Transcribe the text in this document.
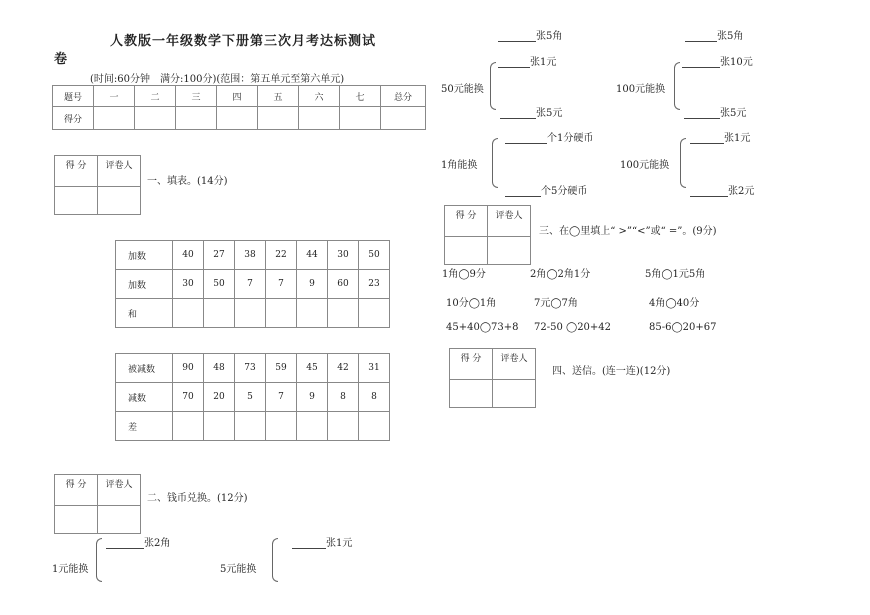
人教版一年级数学下册第三次月考达标测试
卷
(时间:60分钟　满分:100分)(范围：第五单元至第六单元)
题号	一	二	三	四	五	六	七	总分
得分								
得 分	评卷人

一、填表。(14分)
加数	40	27	38	22	44	30	50
加数	30	50	7	7	9	60	23
和							
被减数	90	48	73	59	45	42	31
减数	70	20	5	7	9	8	8
差							
得 分	评卷人

二、钱币兑换。(12分)
张2角
1元能换
张1元
5元能换
张5角	张5角
张1元
50元能换
张5元
张10元
100元能换
张5元
个1分硬币
1角能换
个5分硬币
张1元
100元能换
张2元
得 分	评卷人

三、在◯里填上“ >”“<”或“ =”。(9分)
1角◯9分	2角◯2角1分	5角◯1元5角
10分◯1角	7元◯7角	4角◯40分
45+40◯73+8 72-50 ◯20+42	85-6◯20+67
得 分	评卷人

四、送信。(连一连)(12分)
